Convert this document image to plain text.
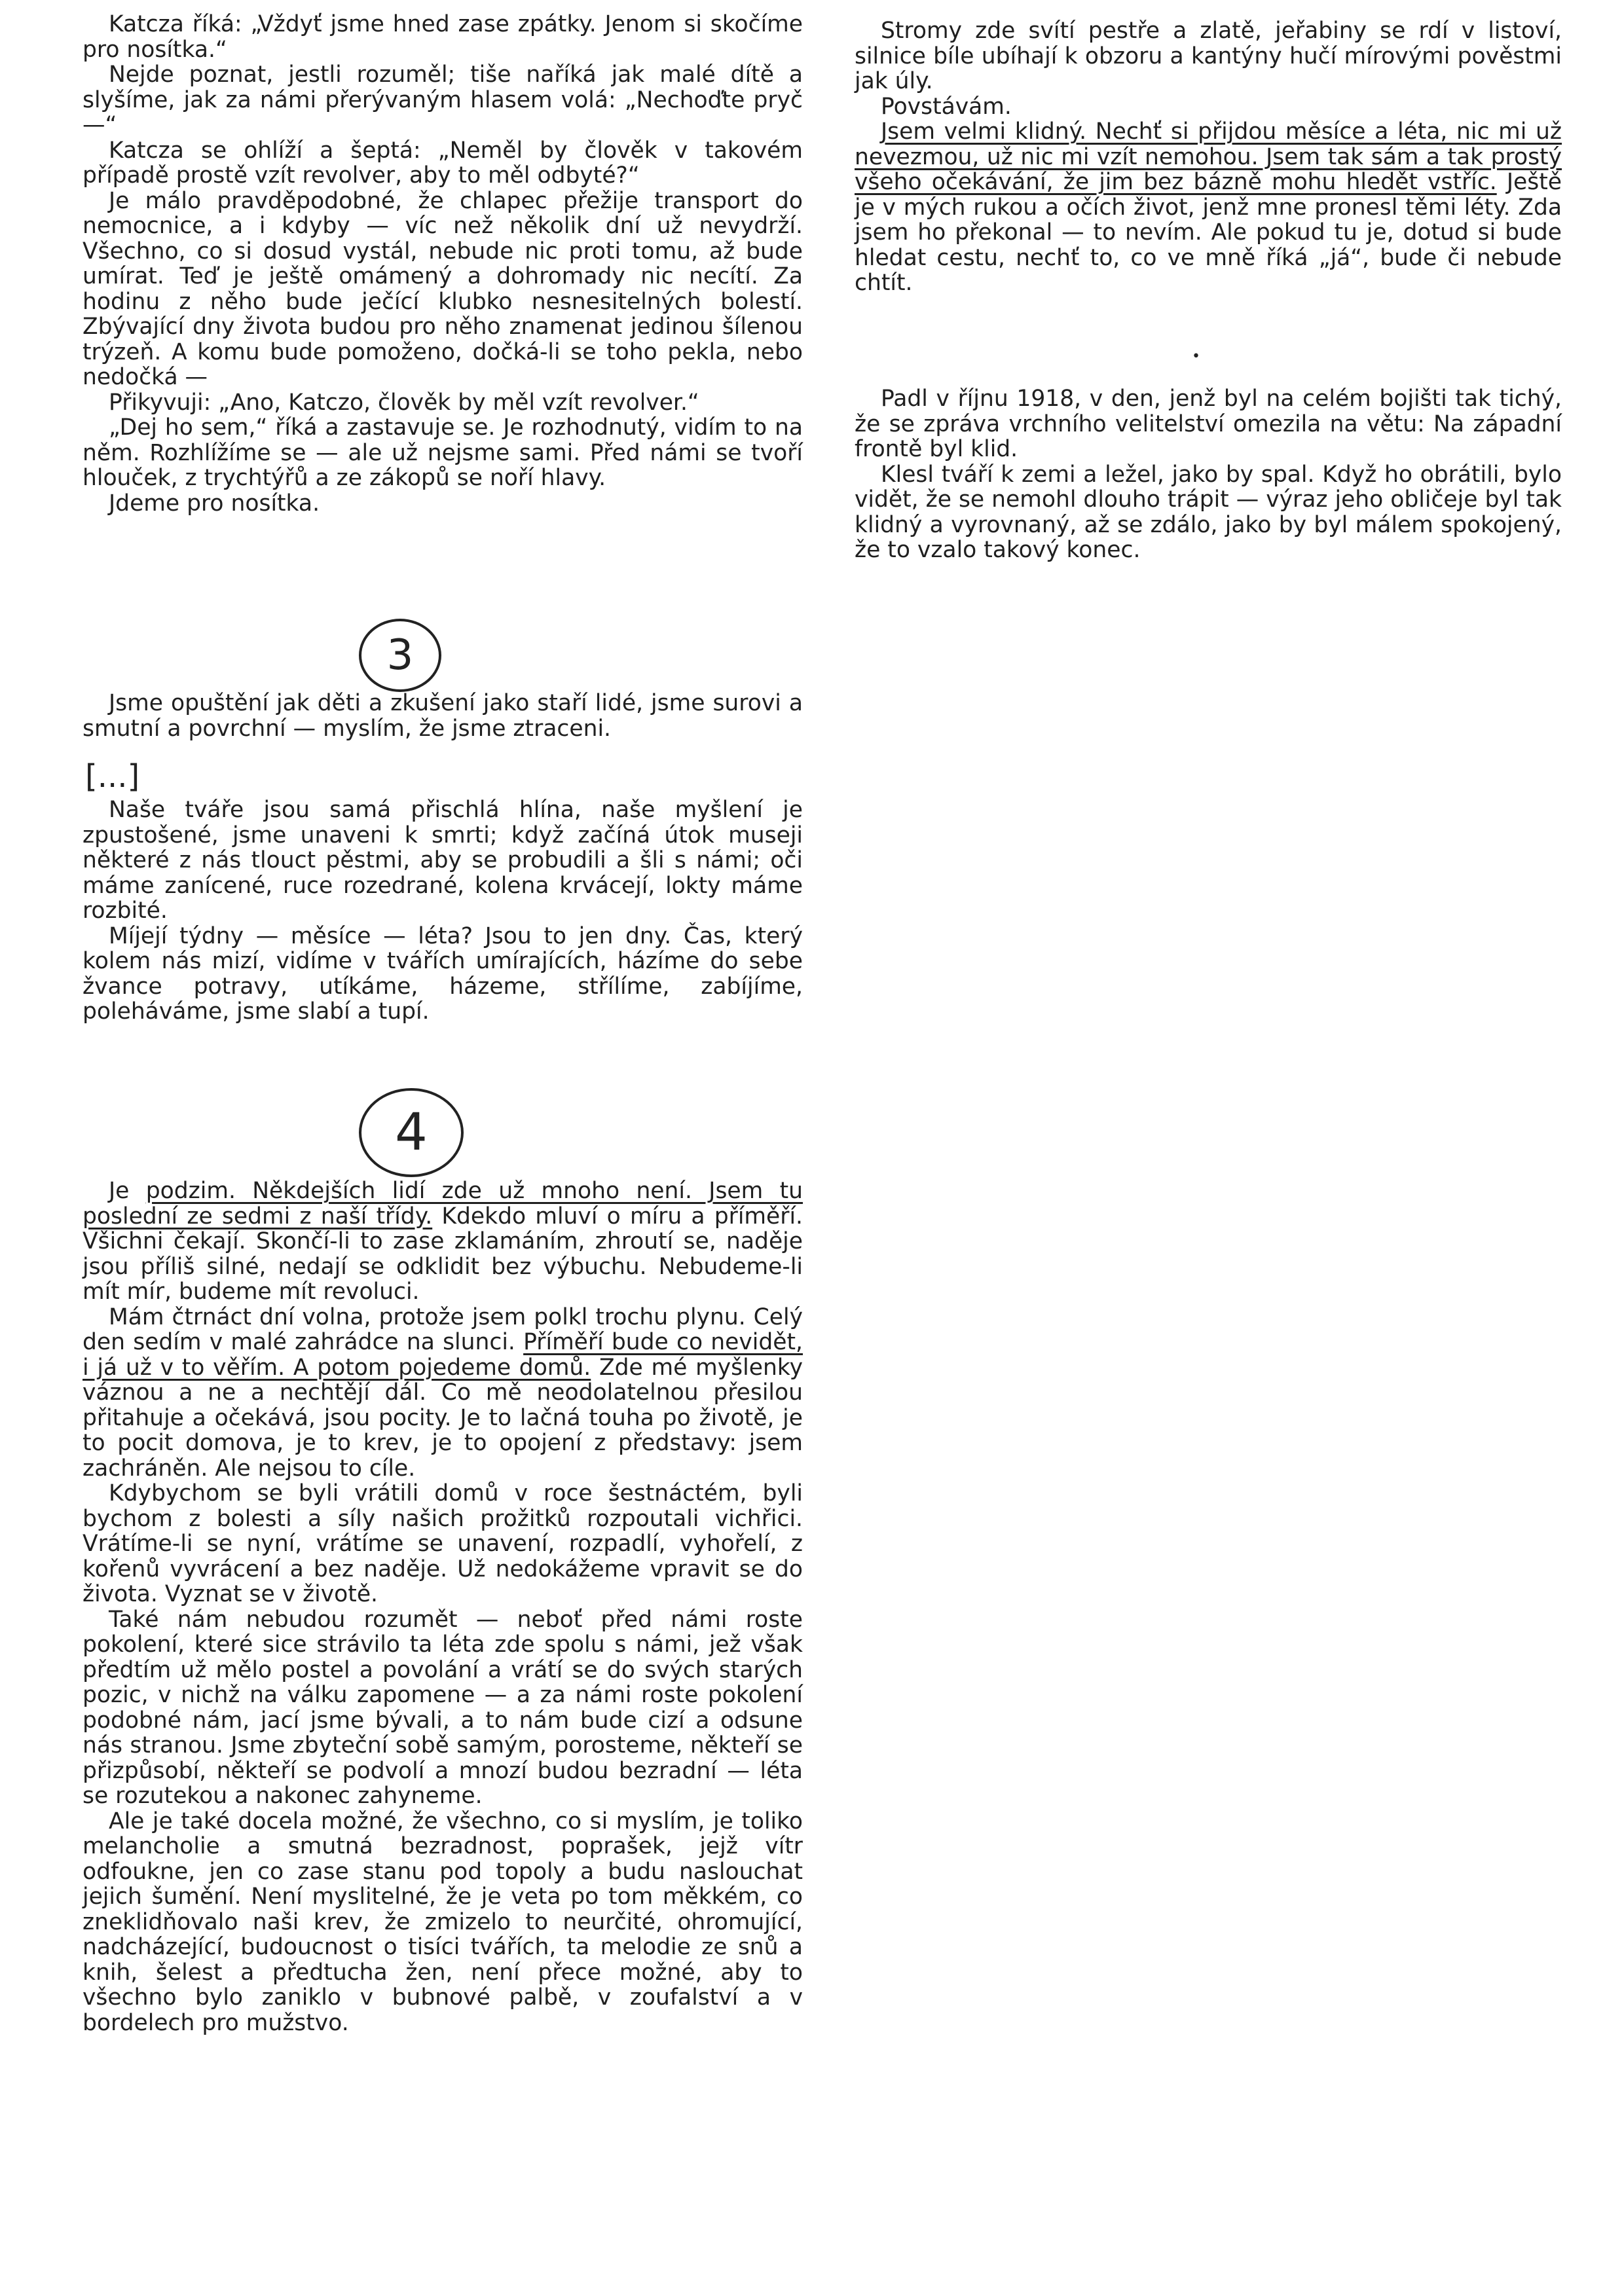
Katcza říká: „Vždyť jsme hned zase zpátky. Jenom si skočíme pro nosítka.“

Nejde poznat, jestli rozuměl; tiše naříká jak malé dítě a slyšíme, jak za námi přerývaným hlasem volá: „Nechoďte pryč —“

Katcza se ohlíží a šeptá: „Neměl by člověk v takovém případě prostě vzít revolver, aby to měl odbyté?“

Je málo pravděpodobné, že chlapec přežije transport do nemocnice, a i kdyby — víc než několik dní už nevydrží. Všechno, co si dosud vystál, nebude nic proti tomu, až bude umírat. Teď je ještě omámený a dohromady nic necítí. Za hodinu z něho bude ječící klubko nesnesitelných bolestí. Zbývající dny života budou pro něho znamenat jedinou šílenou trýzeň. A komu bude pomoženo, dočká-li se toho pekla, nebo nedočká —

Přikyvuji: „Ano, Katczo, člověk by měl vzít revolver.“

„Dej ho sem,“ říká a zastavuje se. Je rozhodnutý, vidím to na něm. Rozhlížíme se — ale už nejsme sami. Před námi se tvoří hlouček, z trychtýřů a ze zákopů se noří hlavy.

Jdeme pro nosítka.

3

Jsme opuštění jak děti a zkušení jako staří lidé, jsme surovi a smutní a povrchní — myslím, že jsme ztraceni.

[...]

Naše tváře jsou samá přischlá hlína, naše myšlení je zpustošené, jsme unaveni k smrti; když začíná útok museji některé z nás tlouct pěstmi, aby se probudili a šli s námi; oči máme zanícené, ruce rozedrané, kolena krvácejí, lokty máme rozbité.

Míjejí týdny — měsíce — léta? Jsou to jen dny. Čas, který kolem nás mizí, vidíme v tvářích umírajících, házíme do sebe žvance potravy, utíkáme, házeme, střílíme, zabíjíme, poleháváme, jsme slabí a tupí.

4

Je podzim. Někdejších lidí zde už mnoho není. Jsem tu poslední ze sedmi z naší třídy. Kdekdo mluví o míru a příměří. Všichni čekají. Skončí-li to zase zklamáním, zhroutí se, naděje jsou příliš silné, nedají se odklidit bez výbuchu. Nebudeme-li mít mír, budeme mít revoluci.

Mám čtrnáct dní volna, protože jsem polkl trochu plynu. Celý den sedím v malé zahrádce na slunci. Příměří bude co nevidět, i já už v to věřím. A potom pojedeme domů. Zde mé myšlenky váznou a ne a nechtějí dál. Co mě neodolatelnou přesilou přitahuje a očekává, jsou pocity. Je to lačná touha po životě, je to pocit domova, je to krev, je to opojení z představy: jsem zachráněn. Ale nejsou to cíle.

Kdybychom se byli vrátili domů v roce šestnáctém, byli bychom z bolesti a síly našich prožitků rozpoutali vichřici. Vrátíme-li se nyní, vrátíme se unavení, rozpadlí, vyhořelí, z kořenů vyvrácení a bez naděje. Už nedokážeme vpravit se do života. Vyznat se v životě.

Také nám nebudou rozumět — neboť před námi roste pokolení, které sice strávilo ta léta zde spolu s námi, jež však předtím už mělo postel a povolání a vrátí se do svých starých pozic, v nichž na válku zapomene — a za námi roste pokolení podobné nám, jací jsme bývali, a to nám bude cizí a odsune nás stranou. Jsme zbyteční sobě samým, porosteme, někteří se přizpůsobí, někteří se podvolí a mnozí budou bezradní — léta se rozutekou a nakonec zahyneme.

Ale je také docela možné, že všechno, co si myslím, je toliko melancholie a smutná bezradnost, poprašek, jejž vítr odfoukne, jen co zase stanu pod topoly a budu naslouchat jejich šumění. Není myslitelné, že je veta po tom měkkém, co zneklidňovalo naši krev, že zmizelo to neurčité, ohromující, nadcházející, budoucnost o tisíci tvářích, ta melodie ze snů a knih, šelest a předtucha žen, není přece možné, aby to všechno bylo zaniklo v bubnové palbě, v zoufalství a v bordelech pro mužstvo.

Stromy zde svítí pestře a zlatě, jeřabiny se rdí v listoví, silnice bíle ubíhají k obzoru a kantýny hučí mírovými pověstmi jak úly.

Povstávám.

Jsem velmi klidný. Nechť si přijdou měsíce a léta, nic mi už nevezmou, už nic mi vzít nemohou. Jsem tak sám a tak prostý všeho očekávání, že jim bez bázně mohu hledět vstříc. Ještě je v mých rukou a očích život, jenž mne pronesl těmi léty. Zda jsem ho překonal — to nevím. Ale pokud tu je, dotud si bude hledat cestu, nechť to, co ve mně říká „já“, bude či nebude chtít.

•

Padl v říjnu 1918, v den, jenž byl na celém bojišti tak tichý, že se zpráva vrchního velitelství omezila na větu: Na západní frontě byl klid.

Klesl tváří k zemi a ležel, jako by spal. Když ho obrátili, bylo vidět, že se nemohl dlouho trápit — výraz jeho obličeje byl tak klidný a vyrovnaný, až se zdálo, jako by byl málem spokojený, že to vzalo takový konec.
